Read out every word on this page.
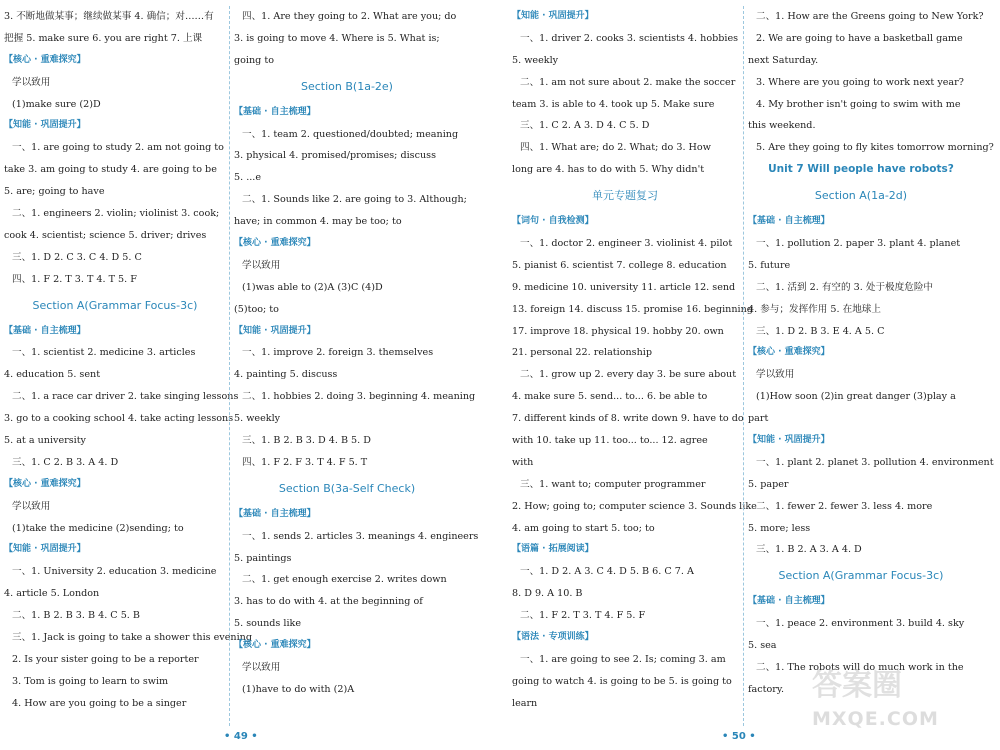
3. 不断地做某事；继续做某事 4. 确信；对……有
把握 5. make sure 6. you are right 7. 上课
【核心 · 重难探究】
学以致用
(1)make sure (2)D
【知能 · 巩固提升】
一、1. are going to study 2. am not going to
take 3. am going to study 4. are going to be
5. are; going to have
二、1. engineers 2. violin; violinist 3. cook;
cook 4. scientist; science 5. driver; drives
三、1. D 2. C 3. C 4. D 5. C
四、1. F 2. T 3. T 4. T 5. F
Section A(Grammar Focus-3c)
【基础 · 自主梳理】
一、1. scientist 2. medicine 3. articles
4. education 5. sent
二、1. a race car driver 2. take singing lessons
3. go to a cooking school 4. take acting lessons
5. at a university
三、1. C 2. B 3. A 4. D
【核心 · 重难探究】
学以致用
(1)take the medicine (2)sending; to
【知能 · 巩固提升】
一、1. University 2. education 3. medicine
4. article 5. London
二、1. B 2. B 3. B 4. C 5. B
三、1. Jack is going to take a shower this evening
2. Is your sister going to be a reporter
3. Tom is going to learn to swim
4. How are you going to be a singer
四、1. Are they going to 2. What are you; do
3. is going to move 4. Where is 5. What is;
going to
Section B(1a-2e)
【基础 · 自主梳理】
一、1. team 2. questioned/doubted; meaning
3. physical 4. promised/promises; discuss
5. ...e
二、1. Sounds like 2. are going to 3. Although;
have; in common 4. may be too; to
【核心 · 重难探究】
学以致用
(1)was able to (2)A (3)C (4)D
(5)too; to
【知能 · 巩固提升】
一、1. improve 2. foreign 3. themselves
4. painting 5. discuss
二、1. hobbies 2. doing 3. beginning 4. meaning
5. weekly
三、1. B 2. B 3. D 4. B 5. D
四、1. F 2. F 3. T 4. F 5. T
Section B(3a-Self Check)
【基础 · 自主梳理】
一、1. sends 2. articles 3. meanings 4. engineers
5. paintings
二、1. get enough exercise 2. writes down
3. has to do with 4. at the beginning of
5. sounds like
【核心 · 重难探究】
学以致用
(1)have to do with (2)A
【知能 · 巩固提升】
一、1. driver 2. cooks 3. scientists 4. hobbies
5. weekly
二、1. am not sure about 2. make the soccer
team 3. is able to 4. took up 5. Make sure
三、1. C 2. A 3. D 4. C 5. D
四、1. What are; do 2. What; do 3. How
long are 4. has to do with 5. Why didn't
单元专题复习
【词句 · 自我检测】
一、1. doctor 2. engineer 3. violinist 4. pilot
5. pianist 6. scientist 7. college 8. education
9. medicine 10. university 11. article 12. send
13. foreign 14. discuss 15. promise 16. beginning
17. improve 18. physical 19. hobby 20. own
21. personal 22. relationship
二、1. grow up 2. every day 3. be sure about
4. make sure 5. send... to... 6. be able to
7. different kinds of 8. write down 9. have to do
with 10. take up 11. too... to... 12. agree
with
三、1. want to; computer programmer
2. How; going to; computer science 3. Sounds like
4. am going to start 5. too; to
【语篇 · 拓展阅读】
一、1. D 2. A 3. C 4. D 5. B 6. C 7. A
8. D 9. A 10. B
二、1. F 2. T 3. T 4. F 5. F
【语法 · 专项训练】
一、1. are going to see 2. Is; coming 3. am
going to watch 4. is going to be 5. is going to
learn
二、1. How are the Greens going to New York?
2. We are going to have a basketball game
next Saturday.
3. Where are you going to work next year?
4. My brother isn't going to swim with me
this weekend.
5. Are they going to fly kites tomorrow morning?
Unit 7 Will people have robots?
Section A(1a-2d)
【基础 · 自主梳理】
一、1. pollution 2. paper 3. plant 4. planet
5. future
二、1. 活到 2. 有空的 3. 处于极度危险中
4. 参与；发挥作用 5. 在地球上
三、1. D 2. B 3. E 4. A 5. C
【核心 · 重难探究】
学以致用
(1)How soon (2)in great danger (3)play a
part
【知能 · 巩固提升】
一、1. plant 2. planet 3. pollution 4. environment
5. paper
二、1. fewer 2. fewer 3. less 4. more
5. more; less
三、1. B 2. A 3. A 4. D
Section A(Grammar Focus-3c)
【基础 · 自主梳理】
一、1. peace 2. environment 3. build 4. sky
5. sea
二、1. The robots will do much work in the
factory.
• 49 •	• 50 •
答案圈
MXQE.COM
